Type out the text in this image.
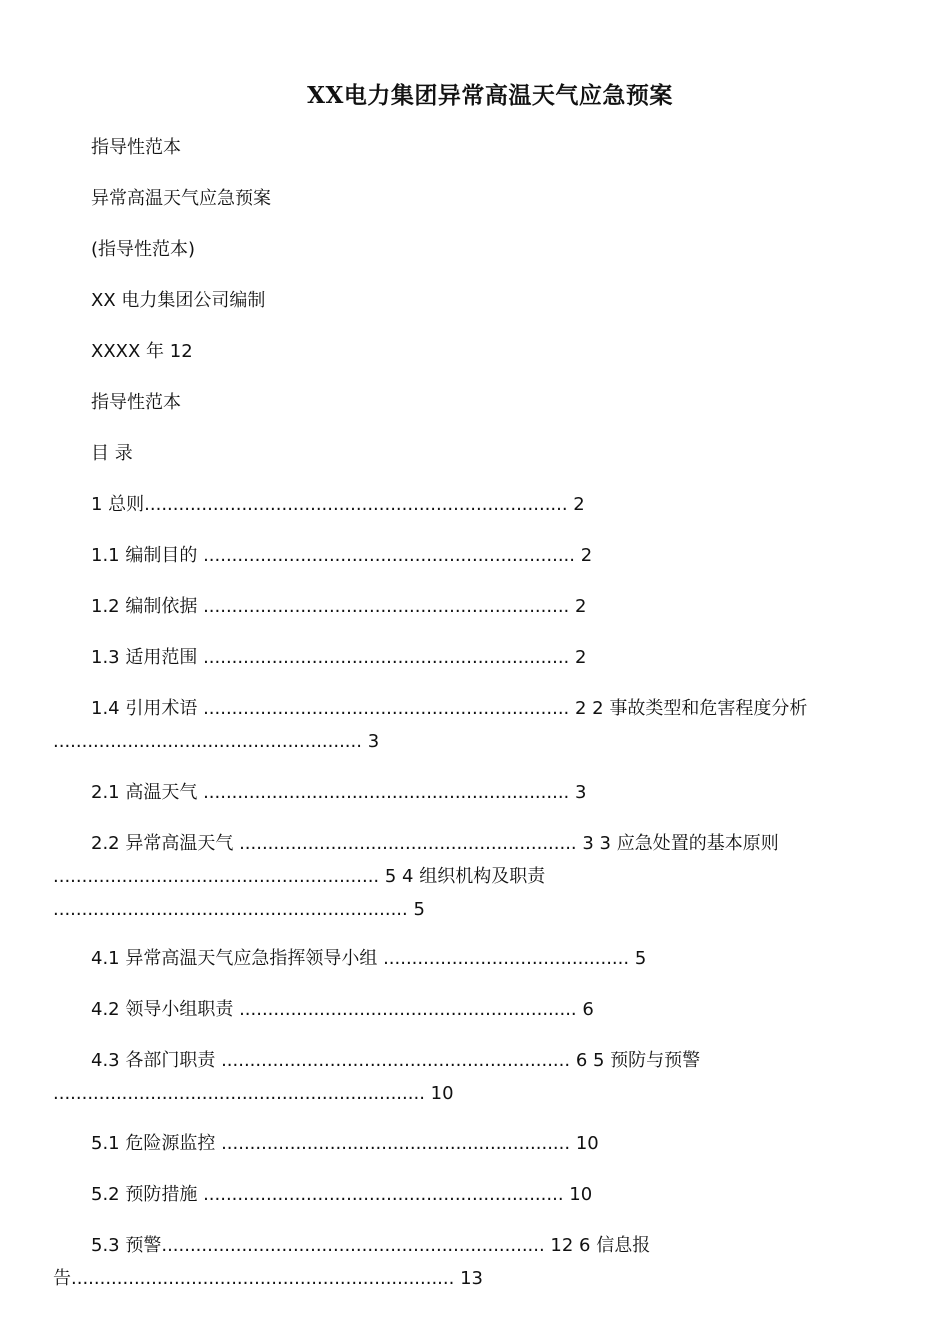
XX电力集团异常高温天气应急预案
指导性范本
异常高温天气应急预案
(指导性范本)
XX 电力集团公司编制
XXXX 年 12
指导性范本
目 录
1 总则.......................................................................... 2
1.1 编制目的 ................................................................. 2
1.2 编制依据 ................................................................ 2
1.3 适用范围 ................................................................ 2
1.4 引用术语 ................................................................ 2 2 事故类型和危害程度分析 ...................................................... 3
2.1 高温天气 ................................................................ 3
2.2 异常高温天气 ........................................................... 3 3 应急处置的基本原则 ......................................................... 5 4 组织机构及职责 .............................................................. 5
4.1 异常高温天气应急指挥领导小组 ........................................... 5
4.2 领导小组职责 ........................................................... 6
4.3 各部门职责 ............................................................. 6 5 预防与预警 ................................................................. 10
5.1 危险源监控 ............................................................. 10
5.2 预防措施 ............................................................... 10
5.3 预警................................................................... 12 6 信息报告................................................................... 13
